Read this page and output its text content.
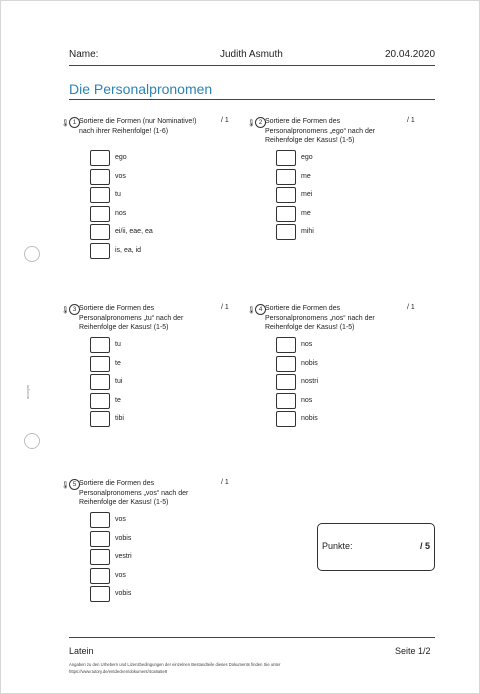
anonym
Name:	Judith Asmuth	20.04.2020
Die Personalpronomen
🌡 1 Sortiere die Formen (nur Nominative!) nach ihrer Reihenfolge! (1-6)
/ 1
ego
vos
tu
nos
ei/ii, eae, ea
is, ea, id
🌡 2 Sortiere die Formen des Personalpronomens „ego“ nach der Reihenfolge der Kasus! (1-5)
/ 1
ego
me
mei
me
mihi
🌡 3 Sortiere die Formen des Personalpronomens „tu“ nach der Reihenfolge der Kasus! (1-5)
/ 1
tu
te
tui
te
tibi
🌡 4 Sortiere die Formen des Personalpronomens „nos“ nach der Reihenfolge der Kasus! (1-5)
/ 1
nos
nobis
nostri
nos
nobis
🌡 5 Sortiere die Formen des Personalpronomens „vos“ nach der Reihenfolge der Kasus! (1-5)
/ 1
vos
vobis
vestri
vos
vobis
Punkte:	/ 5
Latein	Seite 1/2
Angaben zu den Urhebern und Lizenzbedingungen der einzelnen Bestandteile dieses Dokuments finden Sie unter
https://www.tutory.de/entdecken/dokument/4ca8a5e8
